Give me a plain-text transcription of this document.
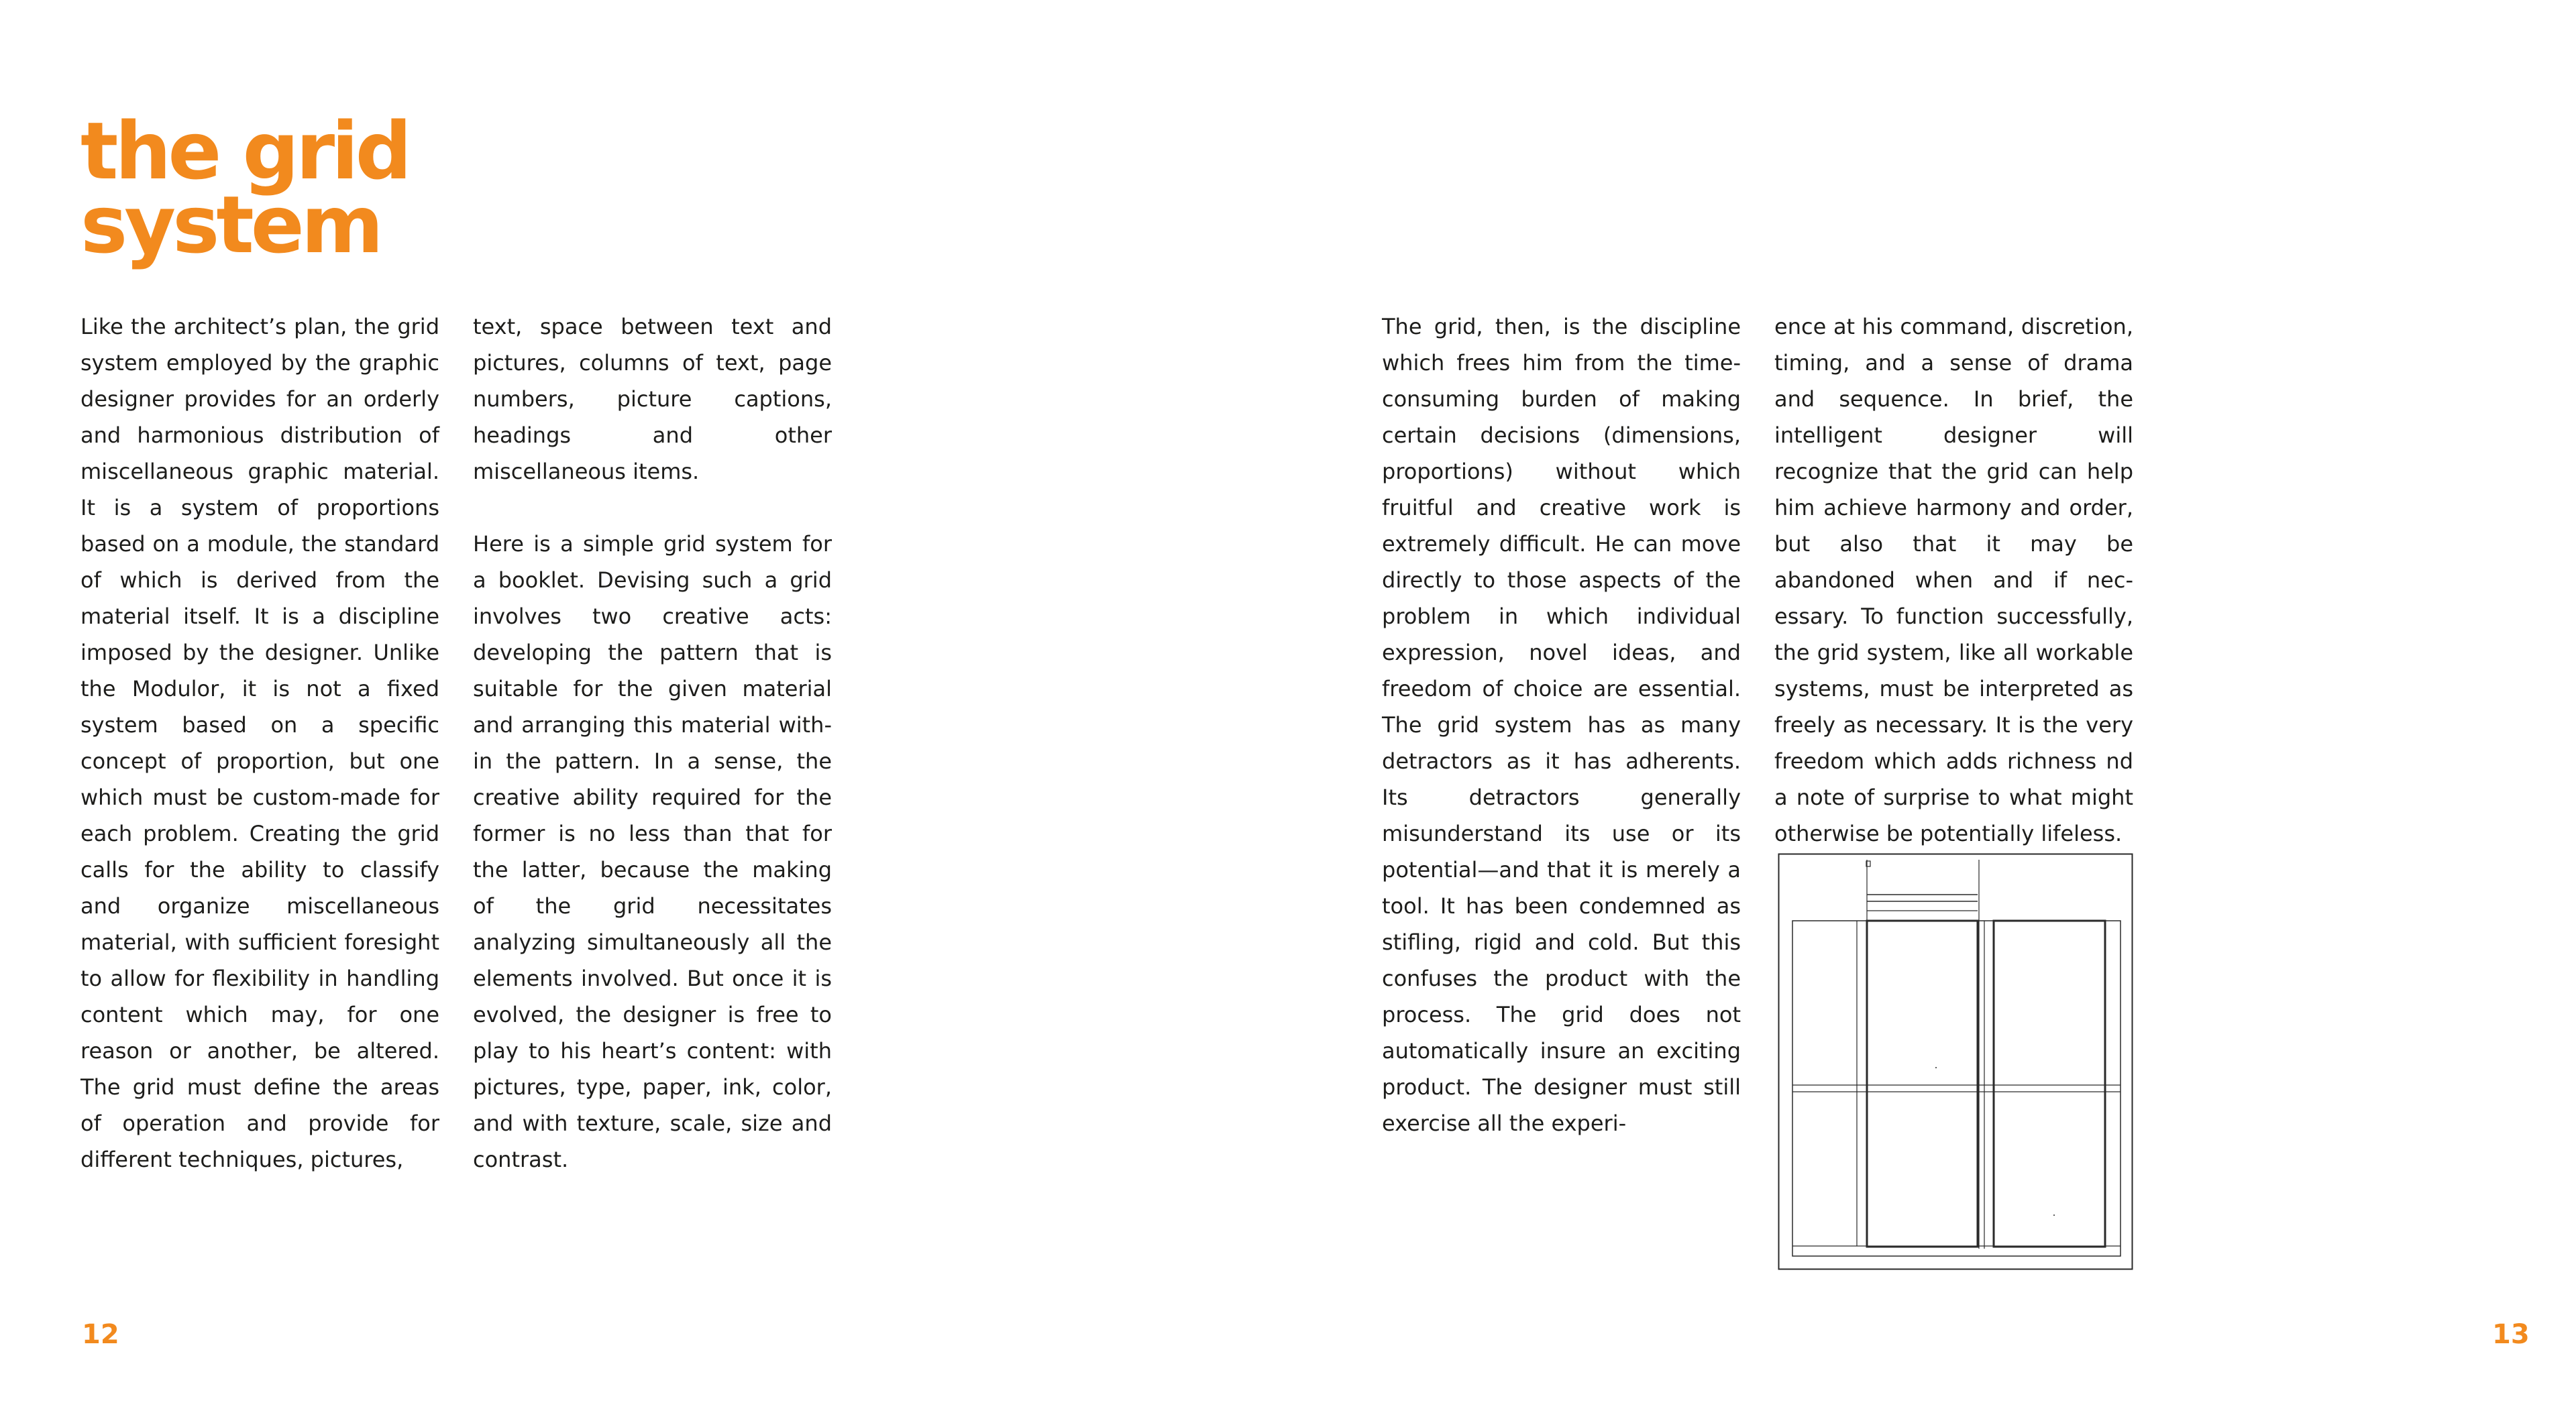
the grid
system

Like the architect’s plan, the grid system employed by the graphic designer provides for an orderly and harmonious distribution of miscellaneous graphic material. It is a system of proportions based on a module, the standard of which is derived from the material itself. It is a discipline imposed by the designer. Unlike the Modulor, it is not a fixed system based on a specific concept of proportion, but one which must be custom-made for each problem. Creating the grid calls for the ability to classify and organize miscellaneous material, with sufficient foresight to allow for flexibility in handling content which may, for one reason or another, be altered. The grid must define the areas of operation and provide for different techniques, pictures,

text, space between text and pictures, columns of text, page numbers, picture captions, headings and other miscellaneous items.

Here is a simple grid system for a booklet. Devising such a grid involves two creative acts: developing the pattern that is suitable for the given material and arranging this material within the pattern. In a sense, the creative ability required for the former is no less than that for the latter, because the making of the grid necessitates analyzing simultaneously all the elements involved. But once it is evolved, the designer is free to play to his heart’s content: with pictures, type, paper, ink, color, and with texture, scale, size and contrast.

The grid, then, is the discipline which frees him from the time-consuming burden of making certain decisions (dimensions, proportions) without which fruitful and creative work is extremely difficult. He can move directly to those aspects of the problem in which individual expression, novel ideas, and freedom of choice are essential. The grid system has as many detractors as it has adherents. Its detractors generally misunderstand its use or its potential—and that it is merely a tool. It has been condemned as stifling, rigid and cold. But this confuses the product with the process. The grid does not automatically insure an exciting product. The designer must still exercise all the experi-

ence at his command, discretion, timing, and a sense of drama and sequence. In brief, the intelligent designer will recognize that the grid can help him achieve harmony and order, but also that it may be abandoned when and if necessary. To function successfully, the grid system, like all workable systems, must be interpreted as freely as necessary. It is the very freedom which adds richness nd a note of surprise to what might otherwise be potentially lifeless.

12	13
